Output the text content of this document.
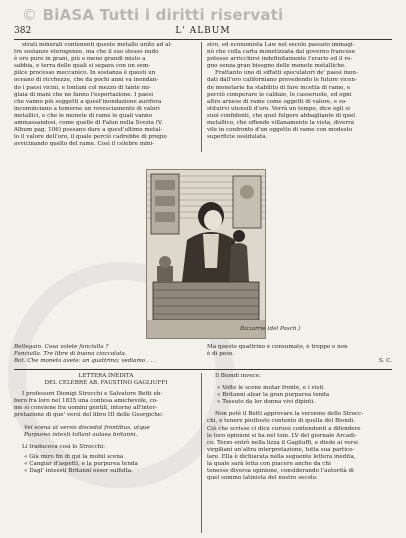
© BiASA Tutti i diritti riservati
382	L' ALBUM

strati minerali contenenti questo metallo unito ad al-

tre sostanze eterogenee, ma che il suo stesso nudo

è oro puro in grani, più o meno grandi misto a

sabbia, e terra delle quali si separa con un sem-

plice processo meccanico. In sostanza è questi un

oceano di ricchezze, che da pochi anni va inondan-

do i paesi vicini, e lontani col mezzo di tante mi-

glaia di mani che ne fanno l'esportazione. I paesi

che vanno più soggetti a quest'inondazione aurifera

incominciano a temerne un rovesciamento di valori

metallici, e che le monete di rame le quali vanno

ammassandosi, come quelle di Falun nella Svezia (V.

Album pag. 106) possano dare a quest'ultimo metal-

lo il valore dell'oro, il quale perciò cadrebbe di pregio

avvicinando quello del rame. Così il celebre mini-

stro, ed economista Law nel secolo passato immagi-

nò che colla carta monetizzata dal governo francese

potesse arricchirsi indefinitamente l'erario ed il re-

gno senza gran bisogno delle monete metalliche.

Frattanto uno di siffatti speculatori de' paesi inon-

dati dall'oro californiano prevedendo le future vicen-

de monetarie ha stabilito di fare incetta di rame, e

perciò comperare le caldaie, le casseruole, ed ogni

altro arnese di rame come oggetti di valore, e so-

stituirvi utensili d'oro. Verrà un tempo, dice egli si

suoi confidenti, che quel fulgore abbagliante di quel

metallico, che offende villanamente la vista, diverrà

vile in confronto d'un oggetto di rame con modesto

superficie ossidulata.

Bizzarrie (del Pasch.)

Beltegain. Cosa volete fanciulla ?

Fanciulla. Tre libre di buona cioccolata.

Bot. Che moneta avete: un quattrino; vediamo . . .

Ma questo quattrino è consumato, è troppo e non

è di peso.

S. C.

LETTERA INEDITA

DEL CELEBRE AB. FAUSTINO GAGLIUFFI

I professori Dionigi Strocchi e Salvatore Betti eb-

bero fra loro nel 1835 una contesa amichevole, co-

me si conviene fra uomini gentili, intorno all'inter-

pretazione di que' versi del libro III delle Georgiche:

Vel scena ut versis discedat frontibus, utque

Purpurea intexti tollant aulaea britanni.

Li traduceva così lo Strocchi:

« Già miro fin di qui la mobil scena

« Cangiar d'aspetti, e la purpurea tenda

« Dagl' intessti Britanni esser sulfolta.

Il Biondi invece:

« Volte le scene mutar fronte, e i visti

« Britanni alzar la gran purpurea tenda

« Tessuto da lor donna vivi dipinti.

Non potè il Betti approvare la versione dello Strocc-

chi, e tenere piuttosto contento di quella del Biondi.

Ciò che scrisse ci dice curiosi contendenti a difendere

le loro opinioni si ha nel tom. LV del giornale Arcadi-

co. Terzo entrò nella lizza il Gagliuffi, e diede ai versi

virgiliani un'altra interpretazione, tutta sua partico-

lare. Ella è dichiarata nella seguente lettera inedita,

la quale sarà letta con piacere anche da chi

tenesse diversa opinione, considerando l'autorità di

quel sommo latinista del nostro secolo.
